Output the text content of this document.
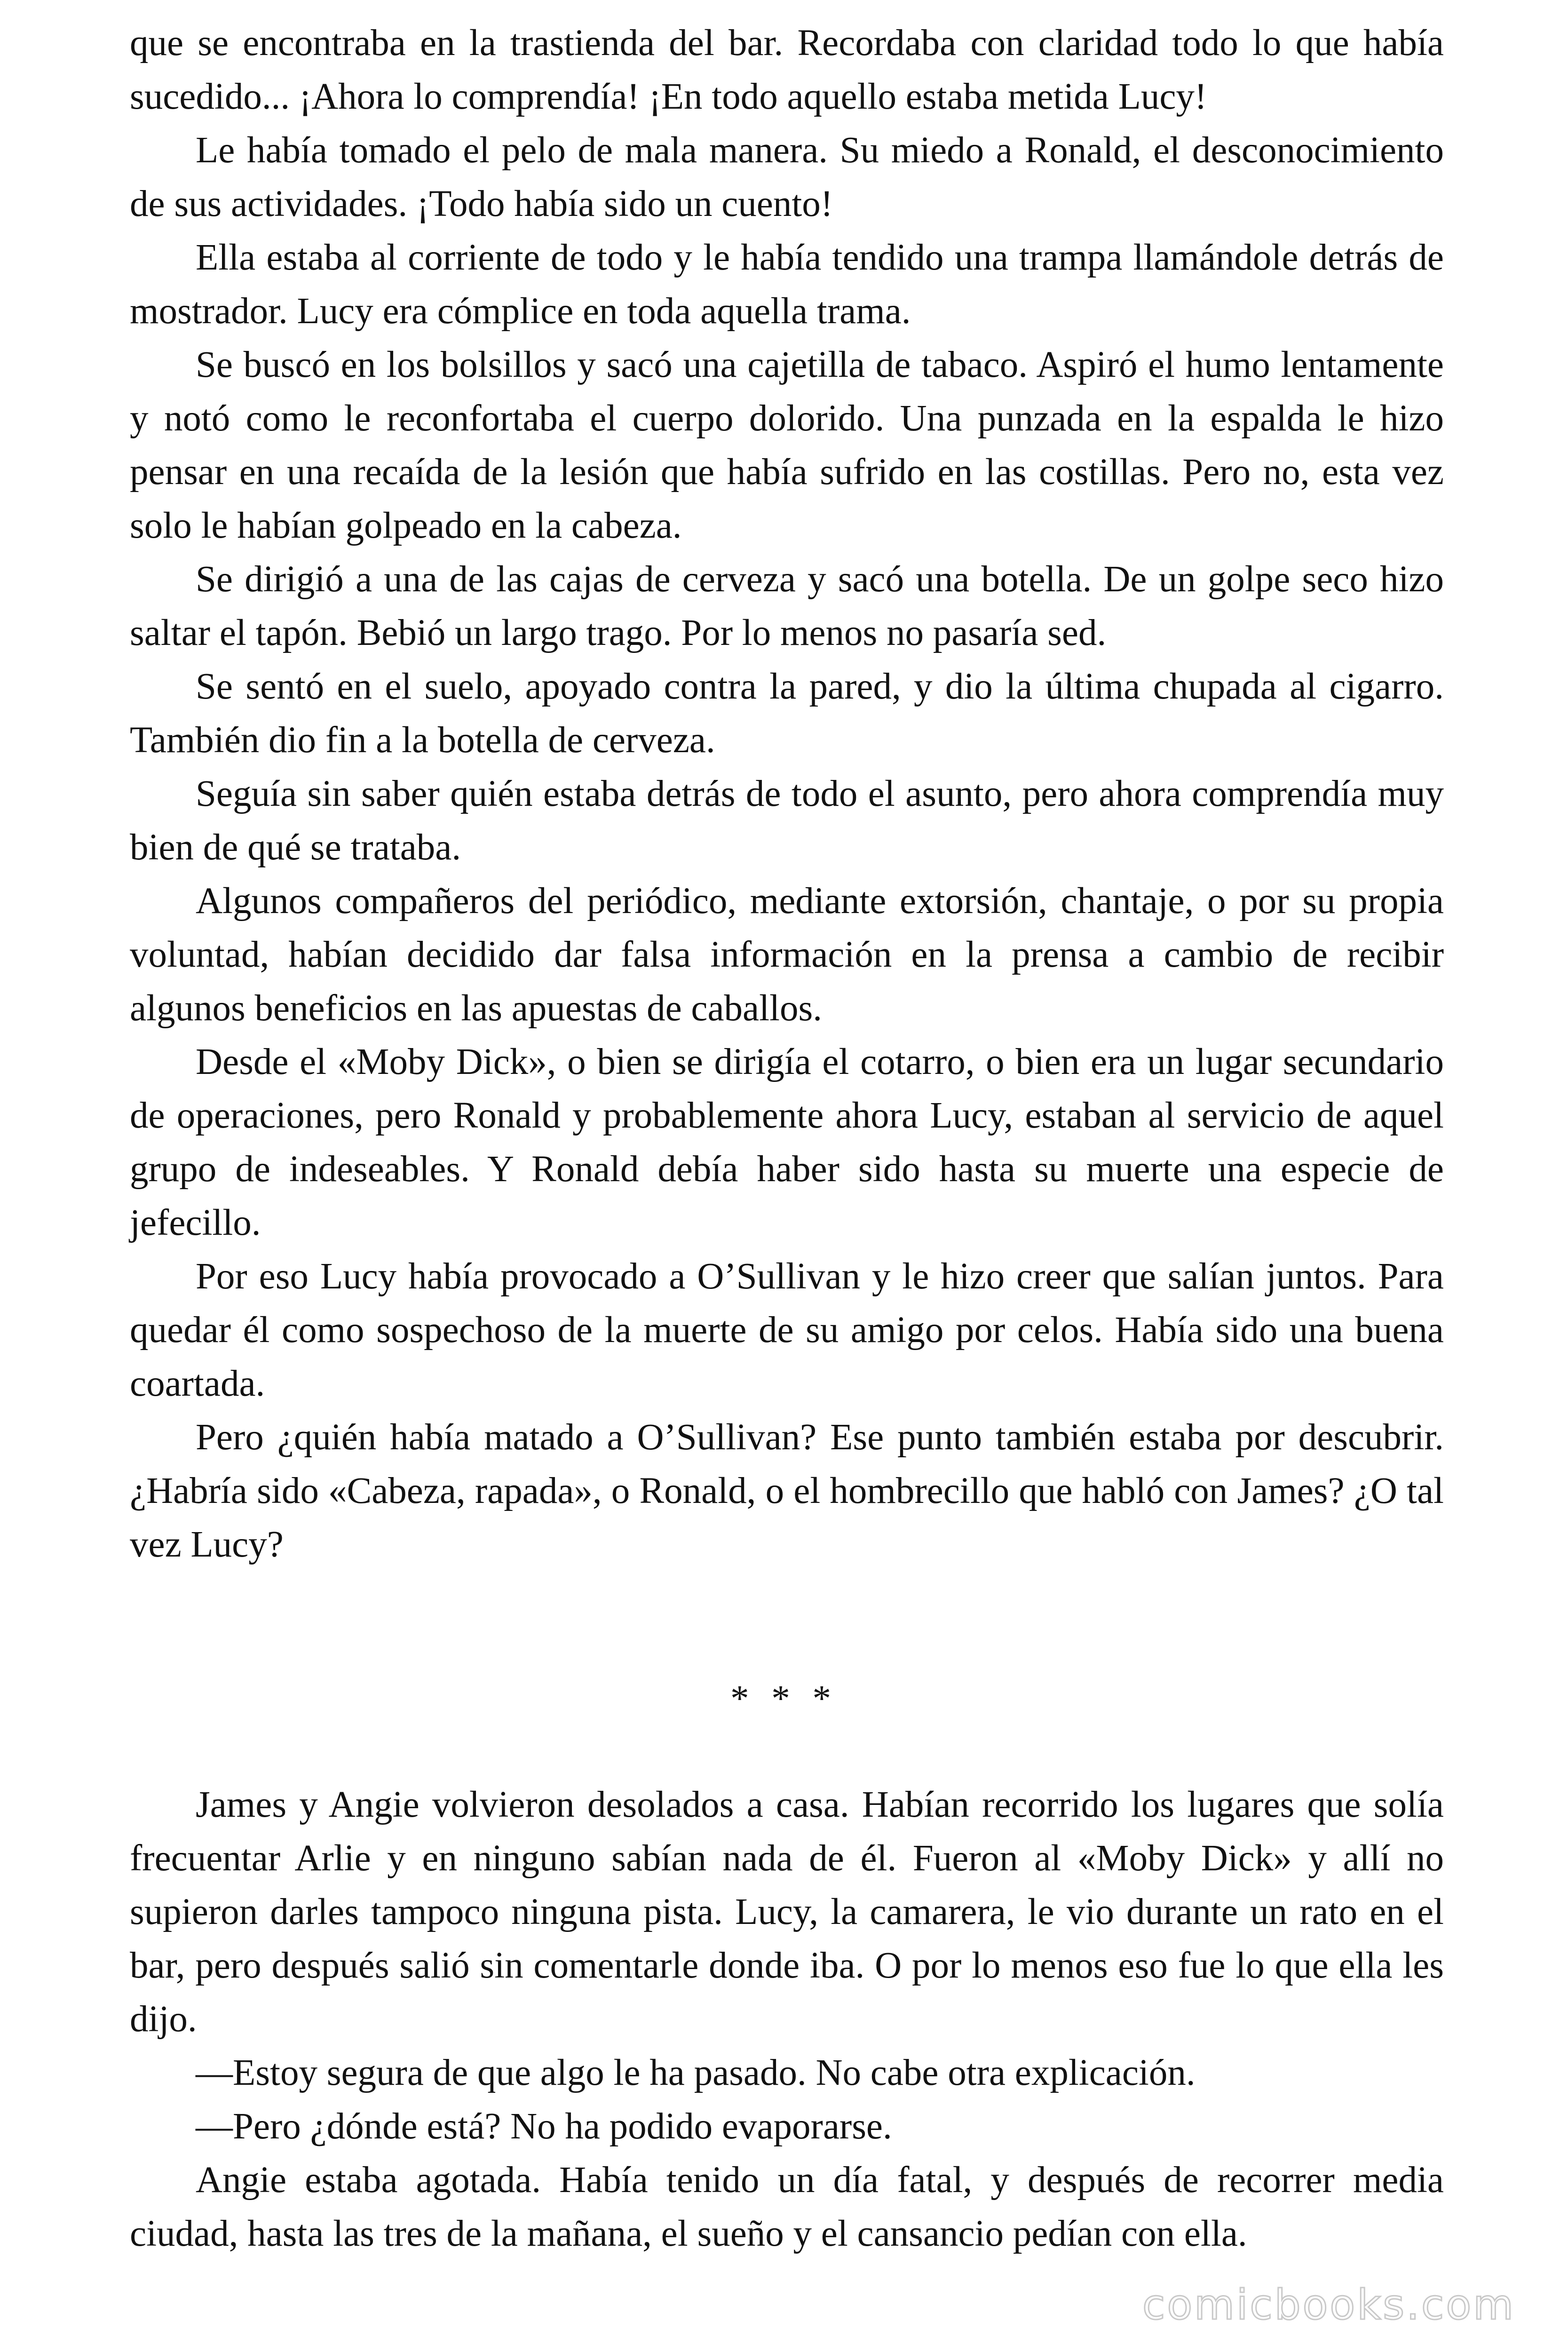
que se encontraba en la trastienda del bar. Recordaba con claridad todo lo que había sucedido... ¡Ahora lo comprendía! ¡En todo aquello estaba metida Lucy!

Le había tomado el pelo de mala manera. Su miedo a Ronald, el desconocimiento de sus actividades. ¡Todo había sido un cuento!

Ella estaba al corriente de todo y le había tendido una trampa llamándole detrás de mostrador. Lucy era cómplice en toda aquella trama.

Se buscó en los bolsillos y sacó una cajetilla de tabaco. Aspiró el humo lentamente y notó como le reconfortaba el cuerpo dolorido. Una punzada en la espalda le hizo pensar en una recaída de la lesión que había sufrido en las costillas. Pero no, esta vez solo le habían golpeado en la cabeza.

Se dirigió a una de las cajas de cerveza y sacó una botella. De un golpe seco hizo saltar el tapón. Bebió un largo trago. Por lo menos no pasaría sed.

Se sentó en el suelo, apoyado contra la pared, y dio la última chupada al cigarro. También dio fin a la botella de cerveza.

Seguía sin saber quién estaba detrás de todo el asunto, pero ahora comprendía muy bien de qué se trataba.

Algunos compañeros del periódico, mediante extorsión, chantaje, o por su propia voluntad, habían decidido dar falsa información en la prensa a cambio de recibir algunos beneficios en las apuestas de caballos.

Desde el «Moby Dick», o bien se dirigía el cotarro, o bien era un lugar secundario de operaciones, pero Ronald y probablemente ahora Lucy, estaban al servicio de aquel grupo de indeseables. Y Ronald debía haber sido hasta su muerte una especie de jefecillo.

Por eso Lucy había provocado a O’Sullivan y le hizo creer que salían juntos. Para quedar él como sospechoso de la muerte de su amigo por celos. Había sido una buena coartada.

Pero ¿quién había matado a O’Sullivan? Ese punto también estaba por descubrir. ¿Habría sido «Cabeza, rapada», o Ronald, o el hombrecillo que habló con James? ¿O tal vez Lucy?

* * *

James y Angie volvieron desolados a casa. Habían recorrido los lugares que solía frecuentar Arlie y en ninguno sabían nada de él. Fueron al «Moby Dick» y allí no supieron darles tampoco ninguna pista. Lucy, la camarera, le vio durante un rato en el bar, pero después salió sin comentarle donde iba. O por lo menos eso fue lo que ella les dijo.

—Estoy segura de que algo le ha pasado. No cabe otra explicación.

—Pero ¿dónde está? No ha podido evaporarse.

Angie estaba agotada. Había tenido un día fatal, y después de recorrer media ciudad, hasta las tres de la mañana, el sueño y el cansancio pedían con ella.

comicbooks.com
